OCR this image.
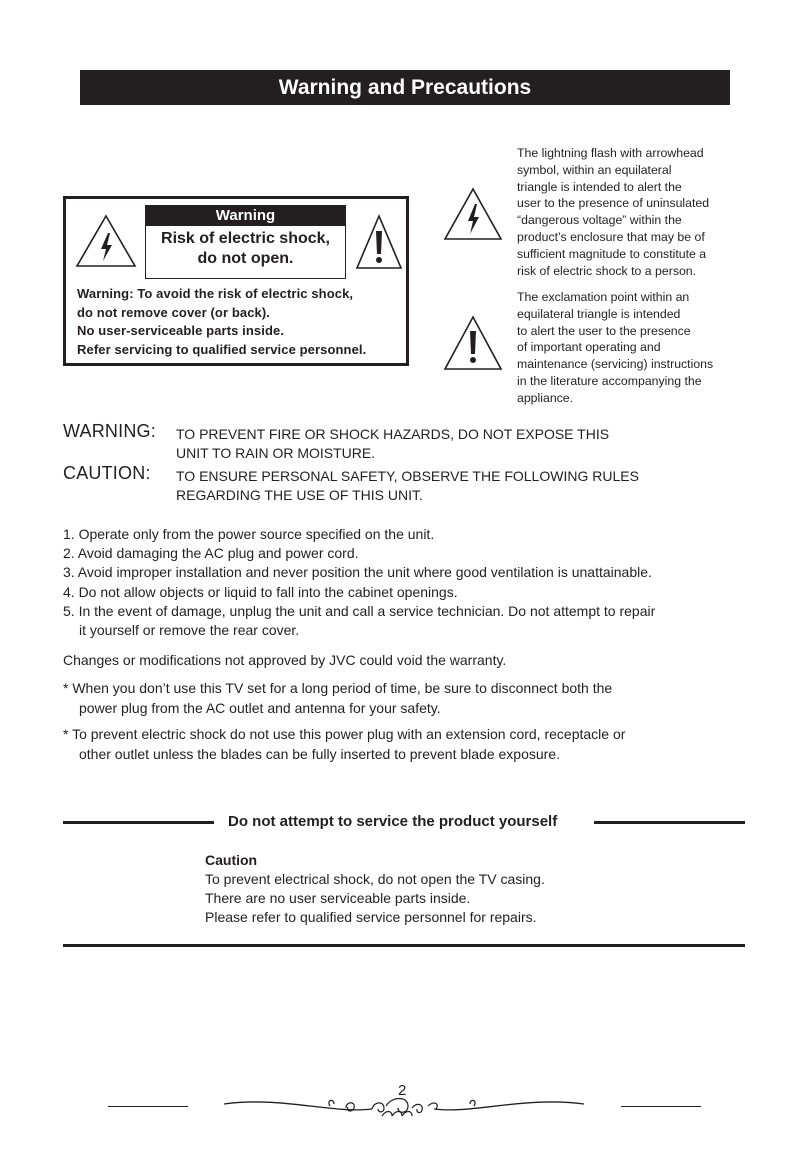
Warning and Precautions
Warning
Risk of electric shock,
do not open.
Warning: To avoid the risk of electric shock,
do not remove cover (or back).
No user-serviceable parts inside.
Refer servicing to qualified service personnel.
The lightning flash with arrowhead
symbol, within an equilateral
triangle is intended to alert the
user to the presence of uninsulated
“dangerous voltage” within the
product’s enclosure that may be of
sufficient magnitude to constitute a
risk of electric shock to a person.
The exclamation point within an
equilateral triangle is intended
to alert the user to the presence
of important operating and
maintenance (servicing) instructions
in the literature accompanying the
appliance.
WARNING: TO PREVENT FIRE OR SHOCK HAZARDS, DO NOT EXPOSE THIS
UNIT TO RAIN OR MOISTURE.
CAUTION: TO ENSURE PERSONAL SAFETY, OBSERVE THE FOLLOWING RULES
REGARDING THE USE OF THIS UNIT.
1. Operate only from the power source specified on the unit.
2. Avoid damaging the AC plug and power cord.
3. Avoid improper installation and never position the unit where good ventilation is unattainable.
4. Do not allow objects or liquid to fall into the cabinet openings.
5. In the event of damage, unplug the unit and call a service technician. Do not attempt to repair
it yourself or remove the rear cover.
Changes or modifications not approved by JVC could void the warranty.
* When you don’t use this TV set for a long period of time, be sure to disconnect both the
power plug from the AC outlet and antenna for your safety.
* To prevent electric shock do not use this power plug with an extension cord, receptacle or
other outlet unless the blades can be fully inserted to prevent blade exposure.
Do not attempt to service the product yourself
Caution
To prevent electrical shock, do not open the TV casing.
There are no user serviceable parts inside.
Please refer to qualified service personnel for repairs.
2
